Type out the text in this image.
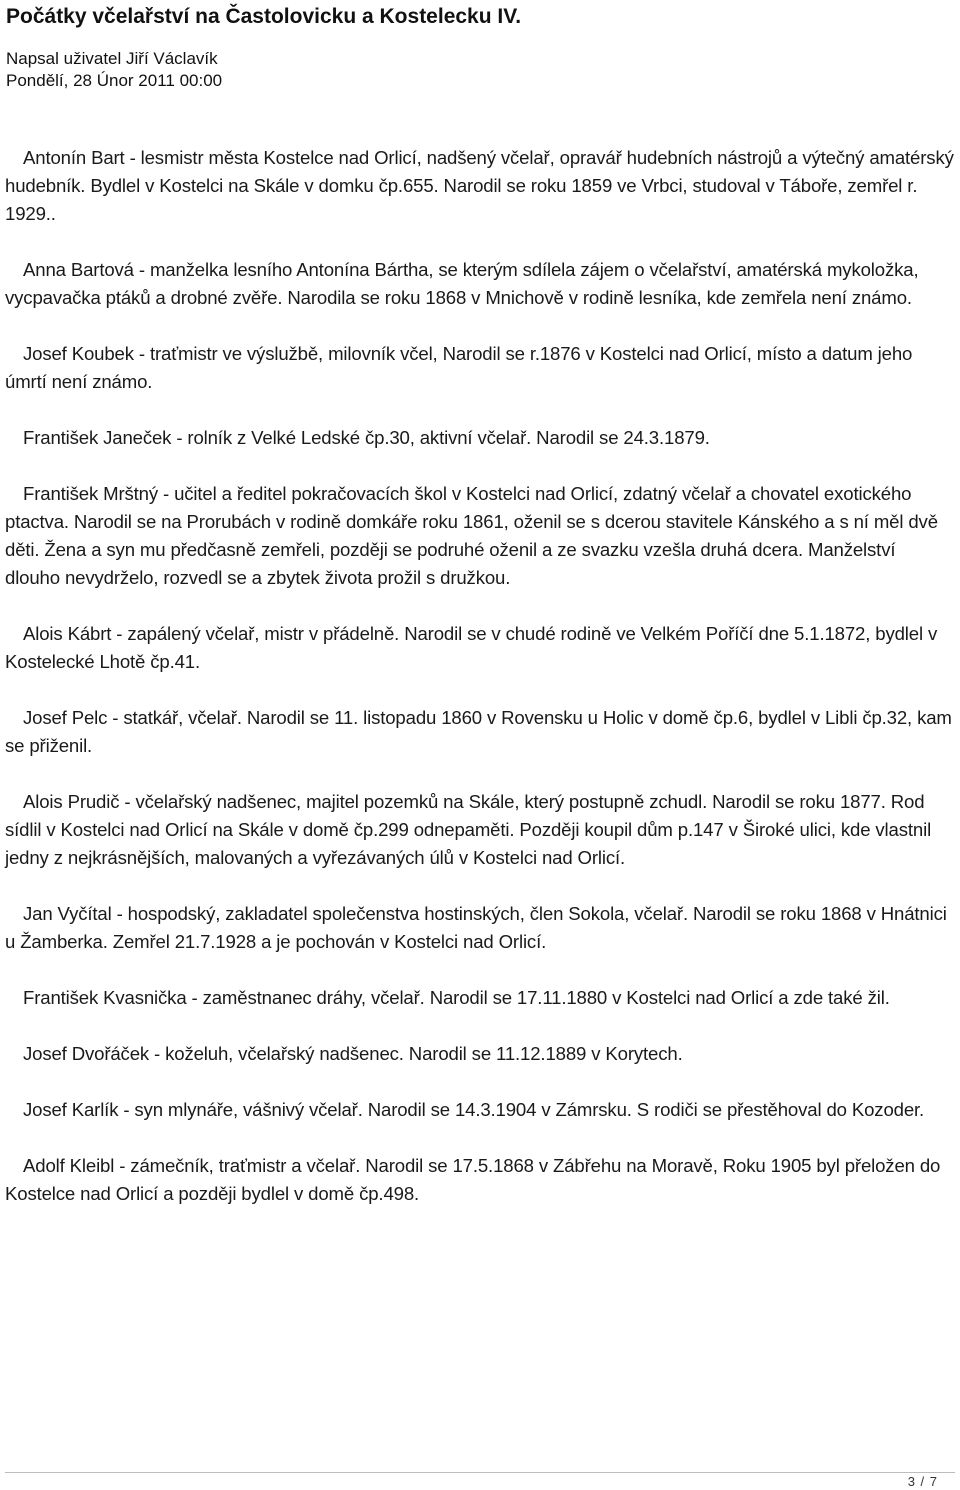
Počátky včelařství na Častolovicku a Kostelecku IV.
Napsal uživatel Jiří Václavík
Pondělí, 28 Únor 2011 00:00

Antonín Bart - lesmistr města Kostelce nad Orlicí, nadšený včelař, opravář hudebních nástrojů a výtečný amatérský hudebník. Bydlel v Kostelci na Skále v domku čp.655. Narodil se roku 1859 ve Vrbci, studoval v Táboře, zemřel r. 1929..

Anna Bartová - manželka lesního Antonína Bártha, se kterým sdílela zájem o včelařství, amatérská mykoložka, vycpavačka ptáků a drobné zvěře. Narodila se roku 1868 v Mnichově v rodině lesníka, kde zemřela není známo.

Josef Koubek - traťmistr ve výslužbě, milovník včel, Narodil se r.1876 v Kostelci nad Orlicí, místo a datum jeho úmrtí není známo.

František Janeček - rolník z Velké Ledské čp.30, aktivní včelař. Narodil se 24.3.1879.

František Mrštný - učitel a ředitel pokračovacích škol v Kostelci nad Orlicí, zdatný včelař a chovatel exotického ptactva. Narodil se na Prorubách v rodině domkáře roku 1861, oženil se s dcerou stavitele Kánského a s ní měl dvě děti. Žena a syn mu předčasně zemřeli, později se podruhé oženil a ze svazku vzešla druhá dcera. Manželství dlouho nevydrželo, rozvedl se a zbytek života prožil s družkou.

Alois Kábrt - zapálený včelař, mistr v přádelně. Narodil se v chudé rodině ve Velkém Poříčí dne 5.1.1872, bydlel v Kostelecké Lhotě čp.41.

Josef Pelc - statkář, včelař. Narodil se 11. listopadu 1860 v Rovensku u Holic v domě čp.6, bydlel v Libli čp.32, kam se přiženil.

Alois Prudič - včelařský nadšenec, majitel pozemků na Skále, který postupně zchudl. Narodil se roku 1877. Rod sídlil v Kostelci nad Orlicí na Skále v domě čp.299 odnepaměti. Později koupil dům p.147 v Široké ulici, kde vlastnil jedny z nejkrásnějších, malovaných a vyřezávaných úlů v Kostelci nad Orlicí.

Jan Vyčítal - hospodský, zakladatel společenstva hostinských, člen Sokola, včelař. Narodil se roku 1868 v Hnátnici u Žamberka. Zemřel 21.7.1928 a je pochován v Kostelci nad Orlicí.

František Kvasnička - zaměstnanec dráhy, včelař. Narodil se 17.11.1880 v Kostelci nad Orlicí a zde také žil.

Josef Dvořáček - koželuh, včelařský nadšenec. Narodil se 11.12.1889 v Korytech.

Josef Karlík - syn mlynáře, vášnivý včelař. Narodil se 14.3.1904 v Zámrsku. S rodiči se přestěhoval do Kozoder.

Adolf Kleibl - zámečník, traťmistr a včelař. Narodil se 17.5.1868 v Zábřehu na Moravě, Roku 1905 byl přeložen do Kostelce nad Orlicí a později bydlel v domě čp.498.

3 / 7
